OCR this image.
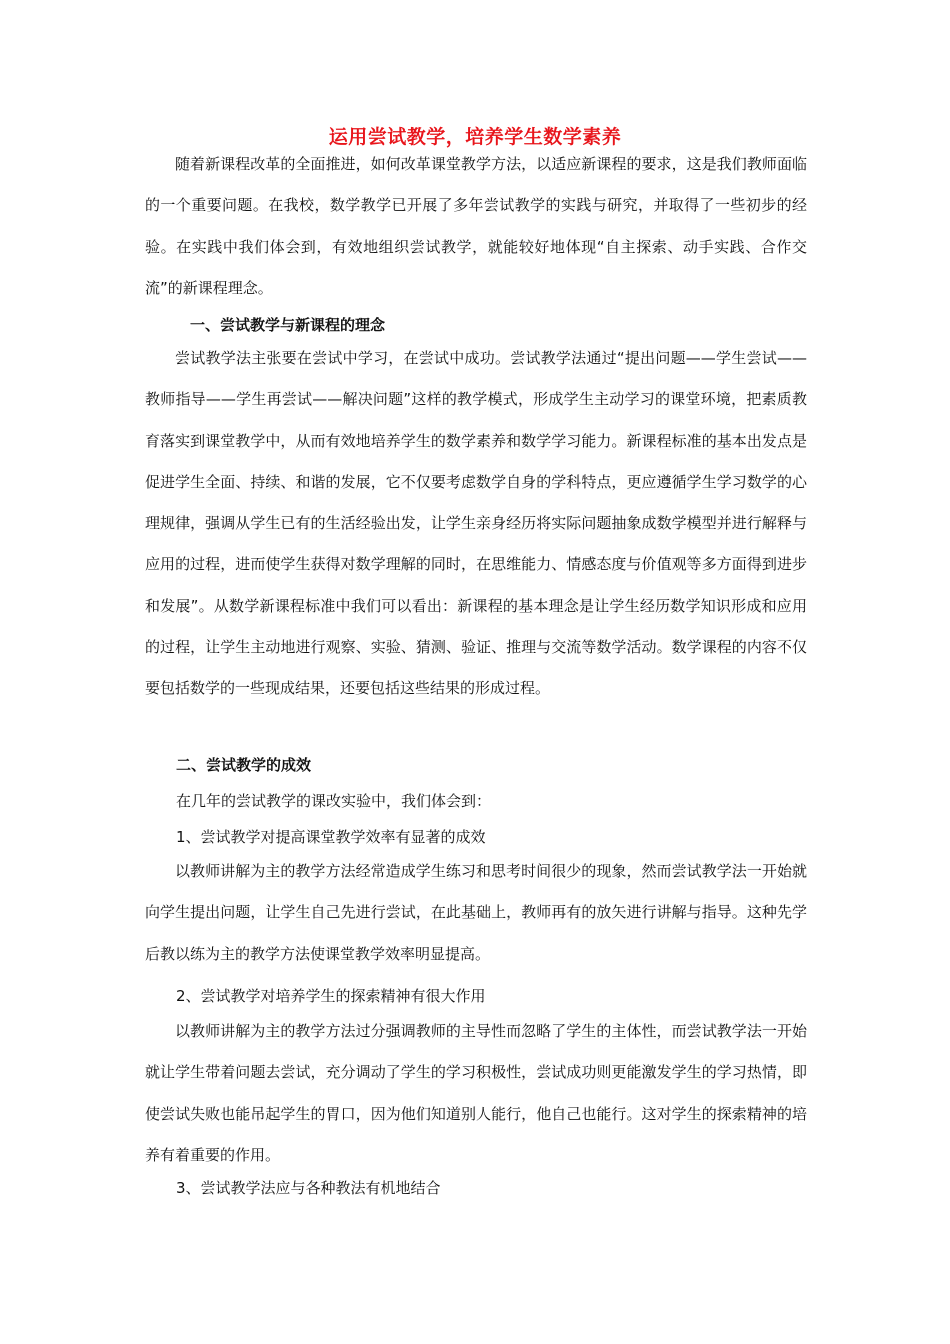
运用尝试教学，培养学生数学素养

随着新课程改革的全面推进，如何改革课堂教学方法，以适应新课程的要求，这是我们教师面临的一个重要问题。在我校，数学教学已开展了多年尝试教学的实践与研究，并取得了一些初步的经验。在实践中我们体会到，有效地组织尝试教学，就能较好地体现“自主探索、动手实践、合作交流”的新课程理念。

一、尝试教学与新课程的理念

尝试教学法主张要在尝试中学习，在尝试中成功。尝试教学法通过“提出问题——学生尝试——教师指导——学生再尝试——解决问题”这样的教学模式，形成学生主动学习的课堂环境，把素质教育落实到课堂教学中，从而有效地培养学生的数学素养和数学学习能力。新课程标准的基本出发点是促进学生全面、持续、和谐的发展，它不仅要考虑数学自身的学科特点，更应遵循学生学习数学的心理规律，强调从学生已有的生活经验出发，让学生亲身经历将实际问题抽象成数学模型并进行解释与应用的过程，进而使学生获得对数学理解的同时，在思维能力、情感态度与价值观等多方面得到进步和发展”。从数学新课程标准中我们可以看出：新课程的基本理念是让学生经历数学知识形成和应用的过程，让学生主动地进行观察、实验、猜测、验证、推理与交流等数学活动。数学课程的内容不仅要包括数学的一些现成结果，还要包括这些结果的形成过程。

二、尝试教学的成效
在几年的尝试教学的课改实验中，我们体会到：
1、尝试教学对提高课堂教学效率有显著的成效

以教师讲解为主的教学方法经常造成学生练习和思考时间很少的现象，然而尝试教学法一开始就向学生提出问题，让学生自己先进行尝试，在此基础上，教师再有的放矢进行讲解与指导。这种先学后教以练为主的教学方法使课堂教学效率明显提高。

2、尝试教学对培养学生的探索精神有很大作用

以教师讲解为主的教学方法过分强调教师的主导性而忽略了学生的主体性，而尝试教学法一开始就让学生带着问题去尝试，充分调动了学生的学习积极性，尝试成功则更能激发学生的学习热情，即使尝试失败也能吊起学生的胃口，因为他们知道别人能行，他自己也能行。这对学生的探索精神的培养有着重要的作用。

3、尝试教学法应与各种教法有机地结合
